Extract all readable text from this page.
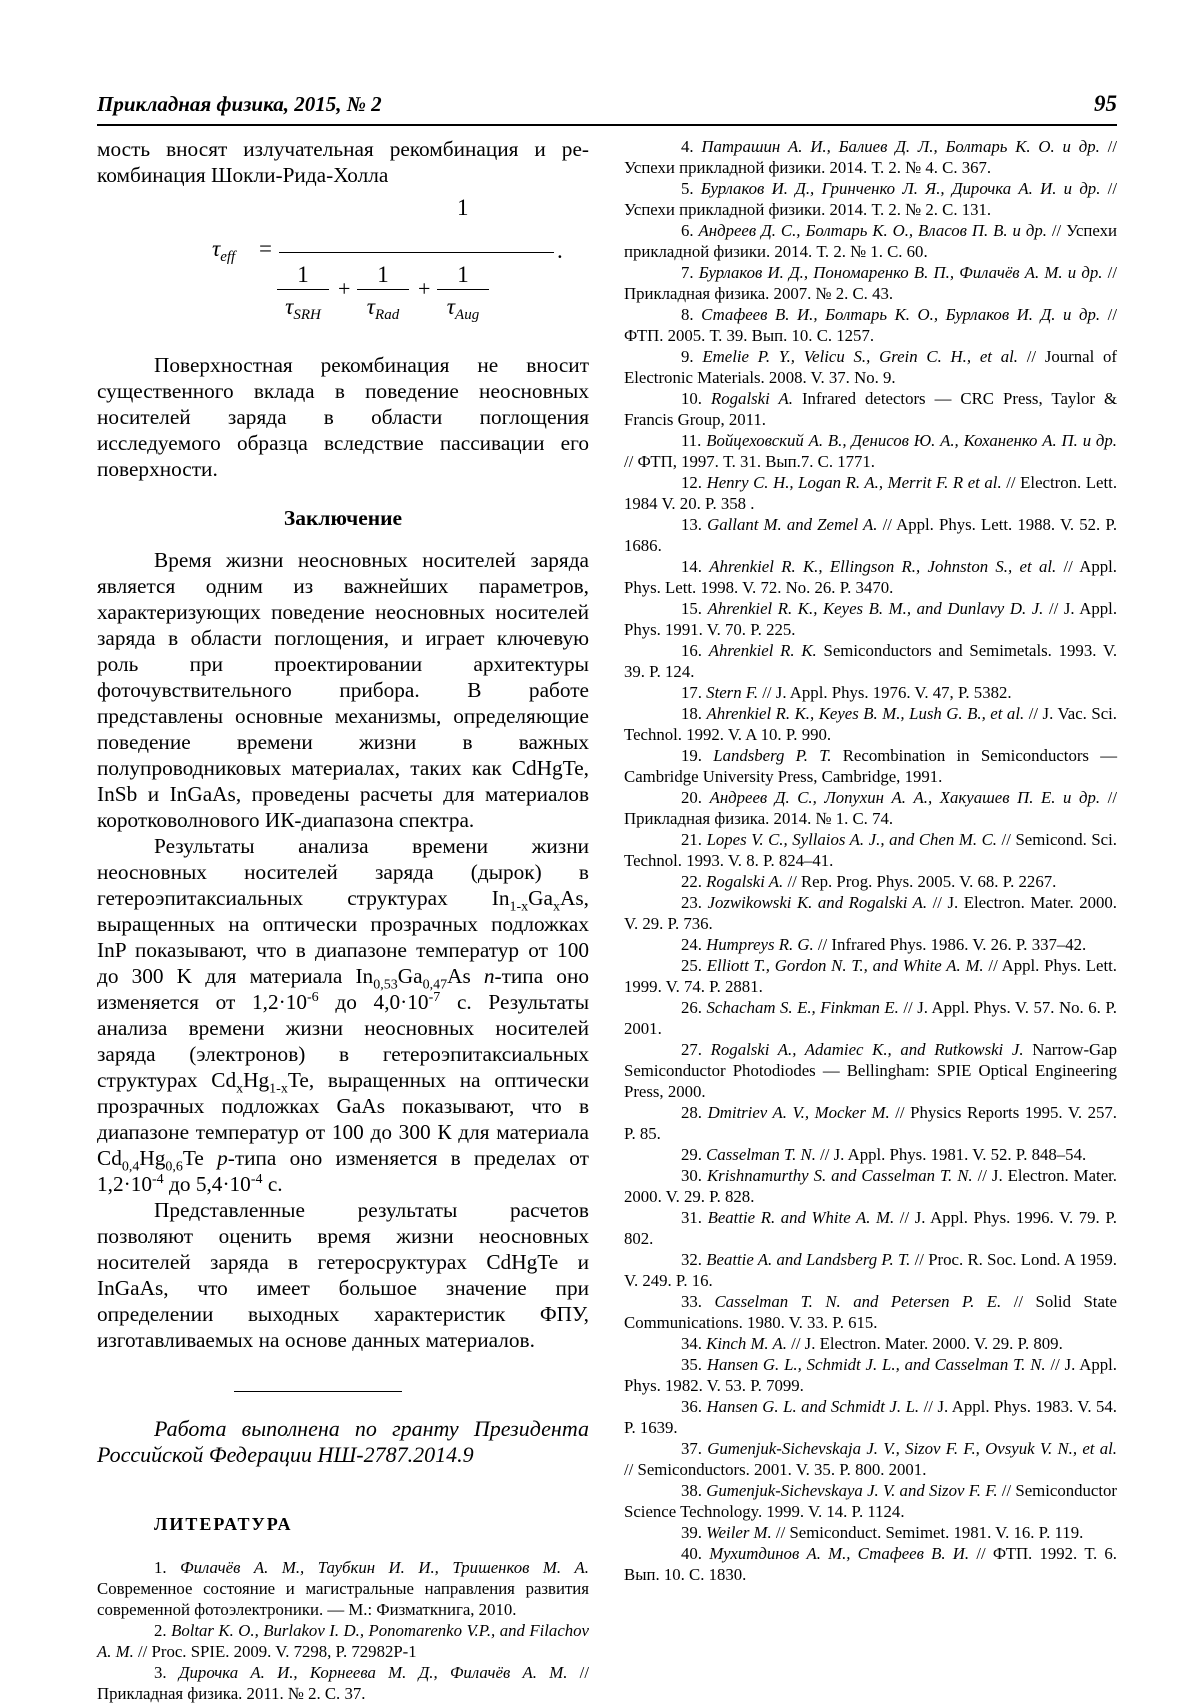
Прикладная физика, 2015, № 2	95

мость вносят излучательная рекомбинация и ре-

комбинация Шокли-Рида-Холла

$\tau_{eff}$ =
1
.
1
$\tau_{SRH}$
+
1
$\tau_{Rad}$
+
1
$\tau_{Aug}$

Поверхностная рекомбинация не вносит существенного вклада в поведение неосновных носителей заряда в области поглощения исследуемого образца вследствие пассивации его поверхности.

Заключение

Время жизни неосновных носителей заряда является одним из важнейших параметров, характеризующих поведение неосновных носителей заряда в области поглощения, и играет ключевую роль при проектировании архитектуры фоточувствительного прибора. В работе представлены основные механизмы, определяющие поведение времени жизни в важных полупроводниковых материалах, таких как CdHgTe, InSb и InGaAs, проведены расчеты для материалов коротковолнового ИК-диапазона спектра.

Результаты анализа времени жизни неосновных носителей заряда (дырок) в гетероэпитаксиальных структурах $In_{1-x}Ga_xAs$, выращенных на оптически прозрачных подложках InP показывают, что в диапазоне температур от 100 до 300 K для материала $In_{0,53}Ga_{0,47}As$ n-типа оно изменяется от $1,2\cdot 10^{-6}$ до $4,0\cdot 10^{-7}$ с. Результаты анализа времени жизни неосновных носителей заряда (электронов) в гетероэпитаксиальных структурах $Cd_xHg_{1-x}Te$, выращенных на оптически прозрачных подложках GaAs показывают, что в диапазоне температур от 100 до 300 К для материала $Cd_{0,4}Hg_{0,6}Te$ p-типа оно изменяется в пределах от $1,2\cdot 10^{-4}$ до $5,4\cdot 10^{-4}$ с.

Представленные результаты расчетов позволяют оценить время жизни неосновных носителей заряда в гетеросруктурах CdHgTe и InGaAs, что имеет большое значение при определении выходных характеристик ФПУ, изготавливаемых на основе данных материалов.

Работа выполнена по гранту Президента Российской Федерации НШ-2787.2014.9

ЛИТЕРАТУРА

1. Филачёв А. М., Таубкин И. И., Тришенков М. А. Современное состояние и магистральные направления развития современной фотоэлектроники. — М.: Физматкнига, 2010.

2. Boltar K. O., Burlakov I. D., Ponomarenko V.P., and Filachov A. M. // Proc. SPIE. 2009. V. 7298, P. 72982P-1

3. Дирочка А. И., Корнеева М. Д., Филачёв А. М. // Прикладная физика. 2011. № 2. С. 37.

4. Патрашин А. И., Балиев Д. Л., Болтарь К. О. и др. // Успехи прикладной физики. 2014. Т. 2. № 4. С. 367.

5. Бурлаков И. Д., Гринченко Л. Я., Дирочка А. И. и др. // Успехи прикладной физики. 2014. Т. 2. № 2. С. 131.

6. Андреев Д. С., Болтарь К. О., Власов П. В. и др. // Успехи прикладной физики. 2014. Т. 2. № 1. С. 60.

7. Бурлаков И. Д., Пономаренко В. П., Филачёв А. М. и др. // Прикладная физика. 2007. № 2. С. 43.

8. Стафеев В. И., Болтарь К. О., Бурлаков И. Д. и др. // ФТП. 2005. Т. 39. Вып. 10. С. 1257.

9. Emelie P. Y., Velicu S., Grein C. H., et al. // Journal of Electronic Materials. 2008. V. 37. No. 9.

10. Rogalski A. Infrared detectors — CRC Press, Taylor & Francis Group, 2011.

11. Войцеховский А. В., Денисов Ю. А., Коханенко А. П. и др. // ФТП, 1997. Т. 31. Вып.7. С. 1771.

12. Henry C. H., Logan R. A., Merrit F. R et al. // Electron. Lett. 1984 V. 20. P. 358 .

13. Gallant M. and Zemel A. // Appl. Phys. Lett. 1988. V. 52. P. 1686.

14. Ahrenkiel R. K., Ellingson R., Johnston S., et al. // Appl. Phys. Lett. 1998. V. 72. No. 26. P. 3470.

15. Ahrenkiel R. K., Keyes B. M., and Dunlavy D. J. // J. Appl. Phys. 1991. V. 70. P. 225.

16. Ahrenkiel R. K. Semiconductors and Semimetals. 1993. V. 39. P. 124.

17. Stern F. // J. Appl. Phys. 1976. V. 47, P. 5382.

18. Ahrenkiel R. K., Keyes B. M., Lush G. B., et al. // J. Vac. Sci. Technol. 1992. V. A 10. P. 990.

19. Landsberg P. T. Recombination in Semiconductors — Cambridge University Press, Cambridge, 1991.

20. Андреев Д. С., Лопухин А. А., Хакуашев П. Е. и др. // Прикладная физика. 2014. № 1. С. 74.

21. Lopes V. C., Syllaios A. J., and Chen M. C. // Semicond. Sci. Technol. 1993. V. 8. P. 824–41.

22. Rogalski A. // Rep. Prog. Phys. 2005. V. 68. P. 2267.

23. Jozwikowski K. and Rogalski A. // J. Electron. Mater. 2000. V. 29. P. 736.

24. Humpreys R. G. // Infrared Phys. 1986. V. 26. P. 337–42.

25. Elliott T., Gordon N. T., and White A. M. // Appl. Phys. Lett. 1999. V. 74. P. 2881.

26. Schacham S. E., Finkman E. // J. Appl. Phys. V. 57. No. 6. P. 2001.

27. Rogalski A., Adamiec K., and Rutkowski J. Narrow-Gap Semiconductor Photodiodes — Bellingham: SPIE Optical Engineering Press, 2000.

28. Dmitriev A. V., Mocker M. // Physics Reports 1995. V. 257. P. 85.

29. Casselman T. N. // J. Appl. Phys. 1981. V. 52. P. 848–54.

30. Krishnamurthy S. and Casselman T. N. // J. Electron. Mater. 2000. V. 29. P. 828.

31. Beattie R. and White A. M. // J. Appl. Phys. 1996. V. 79. P. 802.

32. Beattie A. and Landsberg P. T. // Proc. R. Soc. Lond. A 1959. V. 249. P. 16.

33. Casselman T. N. and Petersen P. E. // Solid State Communications. 1980. V. 33. P. 615.

34. Kinch M. A. // J. Electron. Mater. 2000. V. 29. P. 809.

35. Hansen G. L., Schmidt J. L., and Casselman T. N. // J. Appl. Phys. 1982. V. 53. P. 7099.

36. Hansen G. L. and Schmidt J. L. // J. Appl. Phys. 1983. V. 54. P. 1639.

37. Gumenjuk-Sichevskaja J. V., Sizov F. F., Ovsyuk V. N., et al. // Semiconductors. 2001. V. 35. P. 800. 2001.

38. Gumenjuk-Sichevskaya J. V. and Sizov F. F. // Semiconductor Science Technology. 1999. V. 14. P. 1124.

39. Weiler M. // Semiconduct. Semimet. 1981. V. 16. P. 119.

40. Мухитдинов А. М., Стафеев В. И. // ФТП. 1992. Т. 6. Вып. 10. С. 1830.
